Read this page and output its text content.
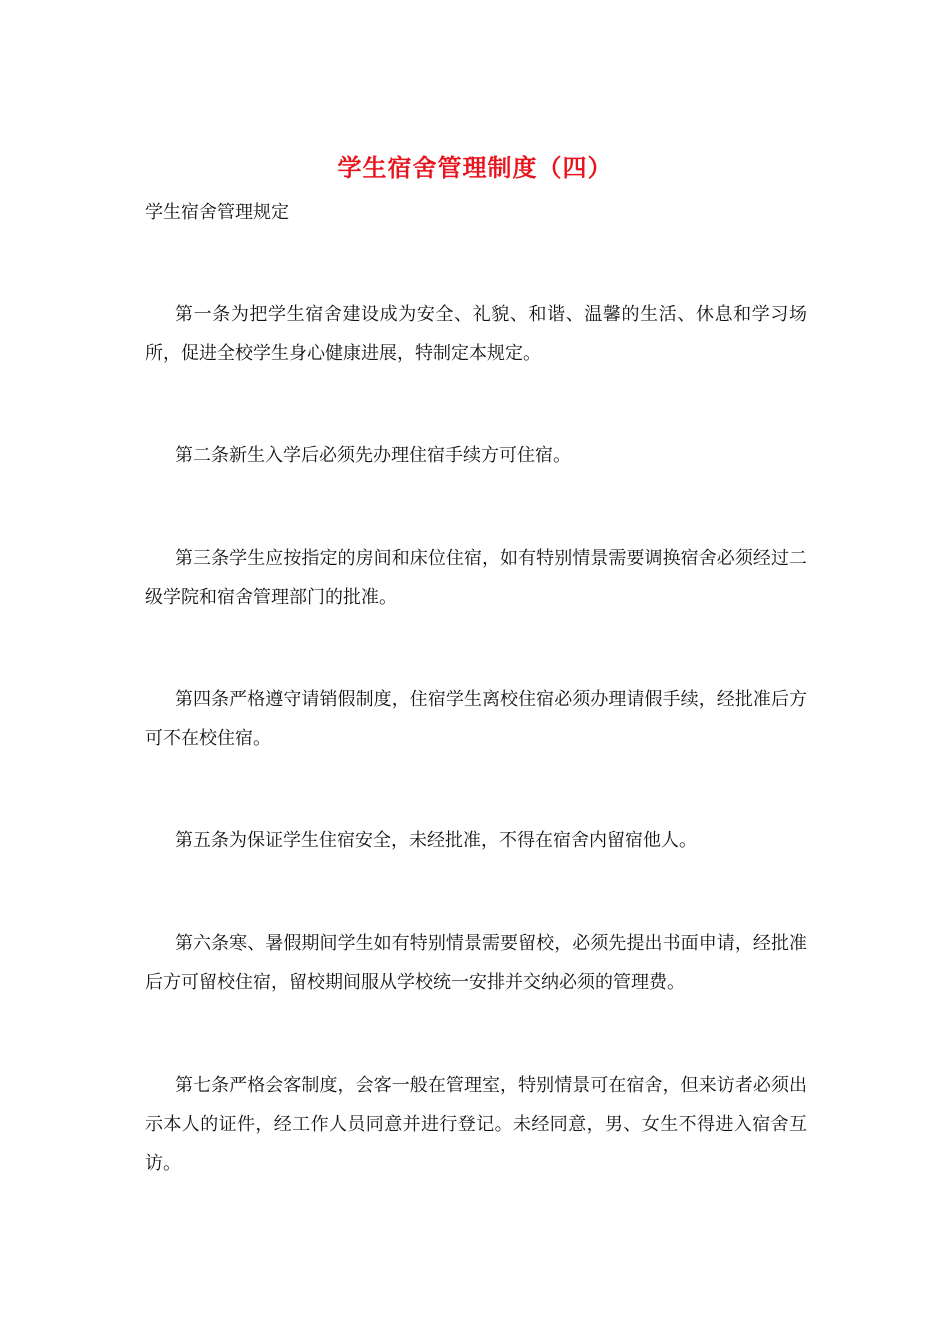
学生宿舍管理制度（四）
学生宿舍管理规定

第一条为把学生宿舍建设成为安全、礼貌、和谐、温馨的生活、休息和学习场所，促进全校学生身心健康进展，特制定本规定。

第二条新生入学后必须先办理住宿手续方可住宿。

第三条学生应按指定的房间和床位住宿，如有特别情景需要调换宿舍必须经过二级学院和宿舍管理部门的批准。

第四条严格遵守请销假制度，住宿学生离校住宿必须办理请假手续，经批准后方可不在校住宿。

第五条为保证学生住宿安全，未经批准，不得在宿舍内留宿他人。

第六条寒、暑假期间学生如有特别情景需要留校，必须先提出书面申请，经批准后方可留校住宿，留校期间服从学校统一安排并交纳必须的管理费。

第七条严格会客制度，会客一般在管理室，特别情景可在宿舍，但来访者必须出示本人的证件，经工作人员同意并进行登记。未经同意，男、女生不得进入宿舍互访。
